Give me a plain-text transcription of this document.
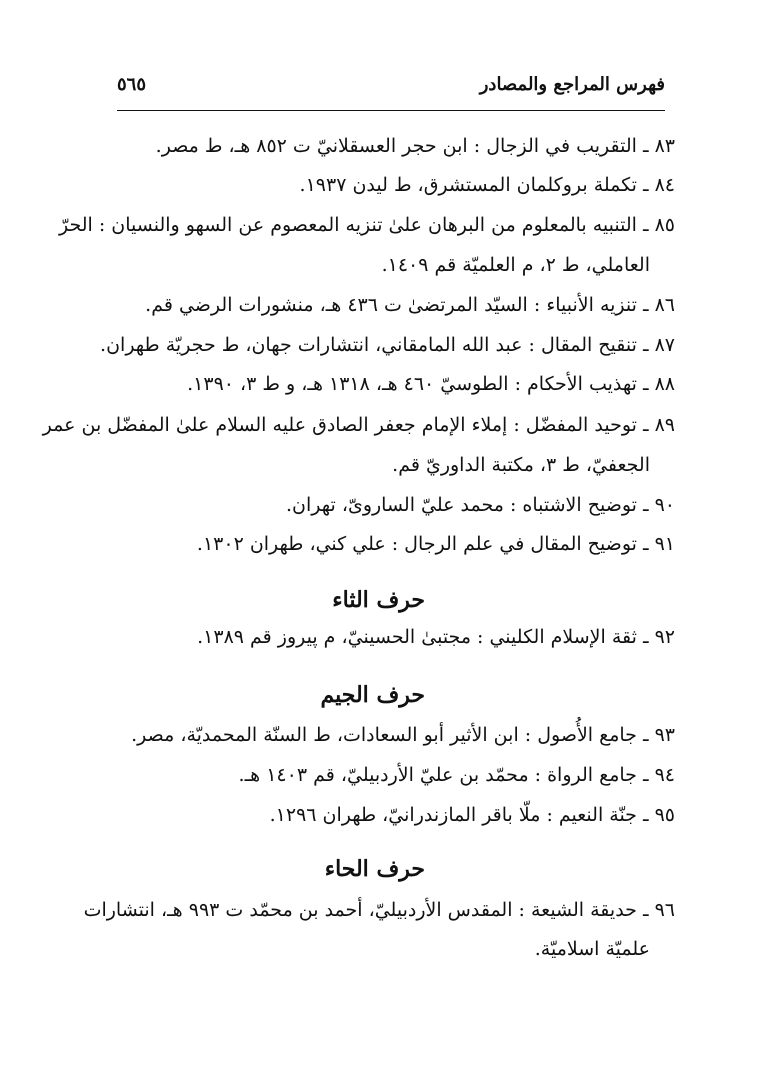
فهرس المراجع والمصادر
٥٦٥
٨٣ ـ التقريب في الزجال : ابن حجر العسقلانيّ ت ٨٥٢ هـ، ط مصر.
٨٤ ـ تكملة بروكلمان المستشرق، ط ليدن ١٩٣٧.
٨٥ ـ التنبيه بالمعلوم من البرهان علىٰ تنزيه المعصوم عن السهو والنسيان : الحرّ
العاملي، ط ٢، م العلميّة قم ١٤٠٩.
٨٦ ـ تنزيه الأنبياء : السيّد المرتضىٰ ت ٤٣٦ هـ، منشورات الرضي قم.
٨٧ ـ تنقيح المقال : عبد الله المامقاني، انتشارات جهان، ط حجريّة طهران.
٨٨ ـ تهذيب الأحكام : الطوسيّ ٤٦٠ هـ، ١٣١٨ هـ، و ط ٣، ١٣٩٠.
٨٩ ـ توحيد المفضّل : إملاء الإمام جعفر الصادق عليه السلام علىٰ المفضّل بن عمر
الجعفيّ، ط ٣، مكتبة الداوريّ قم.
٩٠ ـ توضيح الاشتباه : محمد عليّ الساروىّ، تهران.
٩١ ـ توضيح المقال في علم الرجال : علي كني، طهران ١٣٠٢.
حرف الثاء
٩٢ ـ ثقة الإسلام الكليني : مجتبىٰ الحسينيّ، م پيروز قم ١٣٨٩.
حرف الجيم
٩٣ ـ جامع الأُصول : ابن الأثير أبو السعادات، ط السنّة المحمديّة، مصر.
٩٤ ـ جامع الرواة : محمّد بن عليّ الأردبيليّ، قم ١٤٠٣ هـ.
٩٥ ـ جنّة النعيم : ملّا باقر المازندرانيّ، طهران ١٢٩٦.
حرف الحاء
٩٦ ـ حديقة الشيعة : المقدس الأردبيليّ، أحمد بن محمّد ت ٩٩٣ هـ، انتشارات
علميّة اسلاميّة.
